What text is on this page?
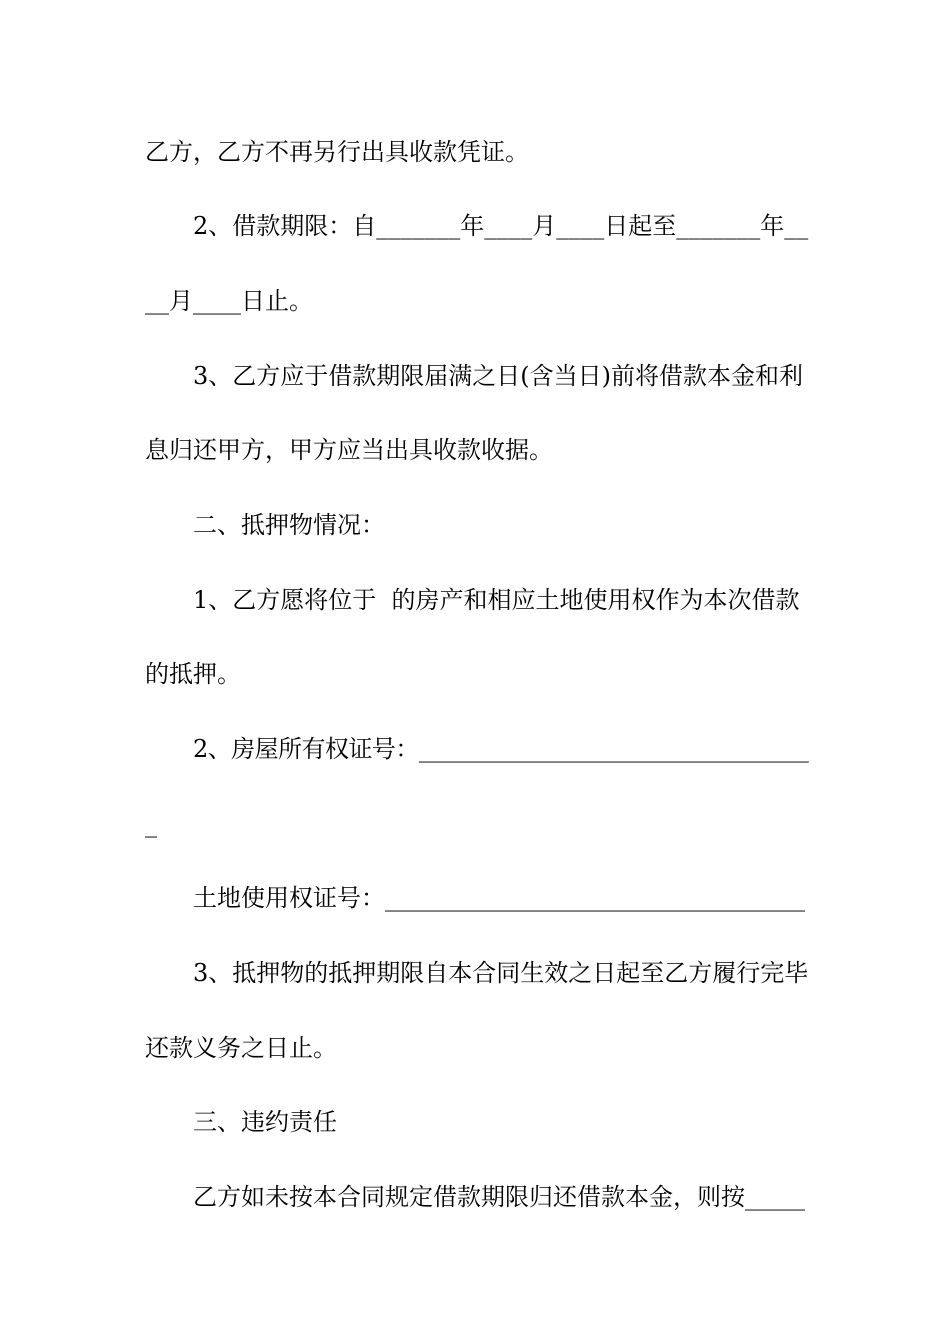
乙方，乙方不再另行出具收款凭证。
2、借款期限：自_______年____月____日起至_______年__
__月____日止。
3、乙方应于借款期限届满之日(含当日)前将借款本金和利
息归还甲方，甲方应当出具收款收据。
二、抵押物情况：
1、乙方愿将位于  的房产和相应土地使用权作为本次借款
的抵押。
2、房屋所有权证号：__________________________________
_
土地使用权证号：___________________________________
3、抵押物的抵押期限自本合同生效之日起至乙方履行完毕
还款义务之日止。
三、违约责任
乙方如未按本合同规定借款期限归还借款本金，则按_____
